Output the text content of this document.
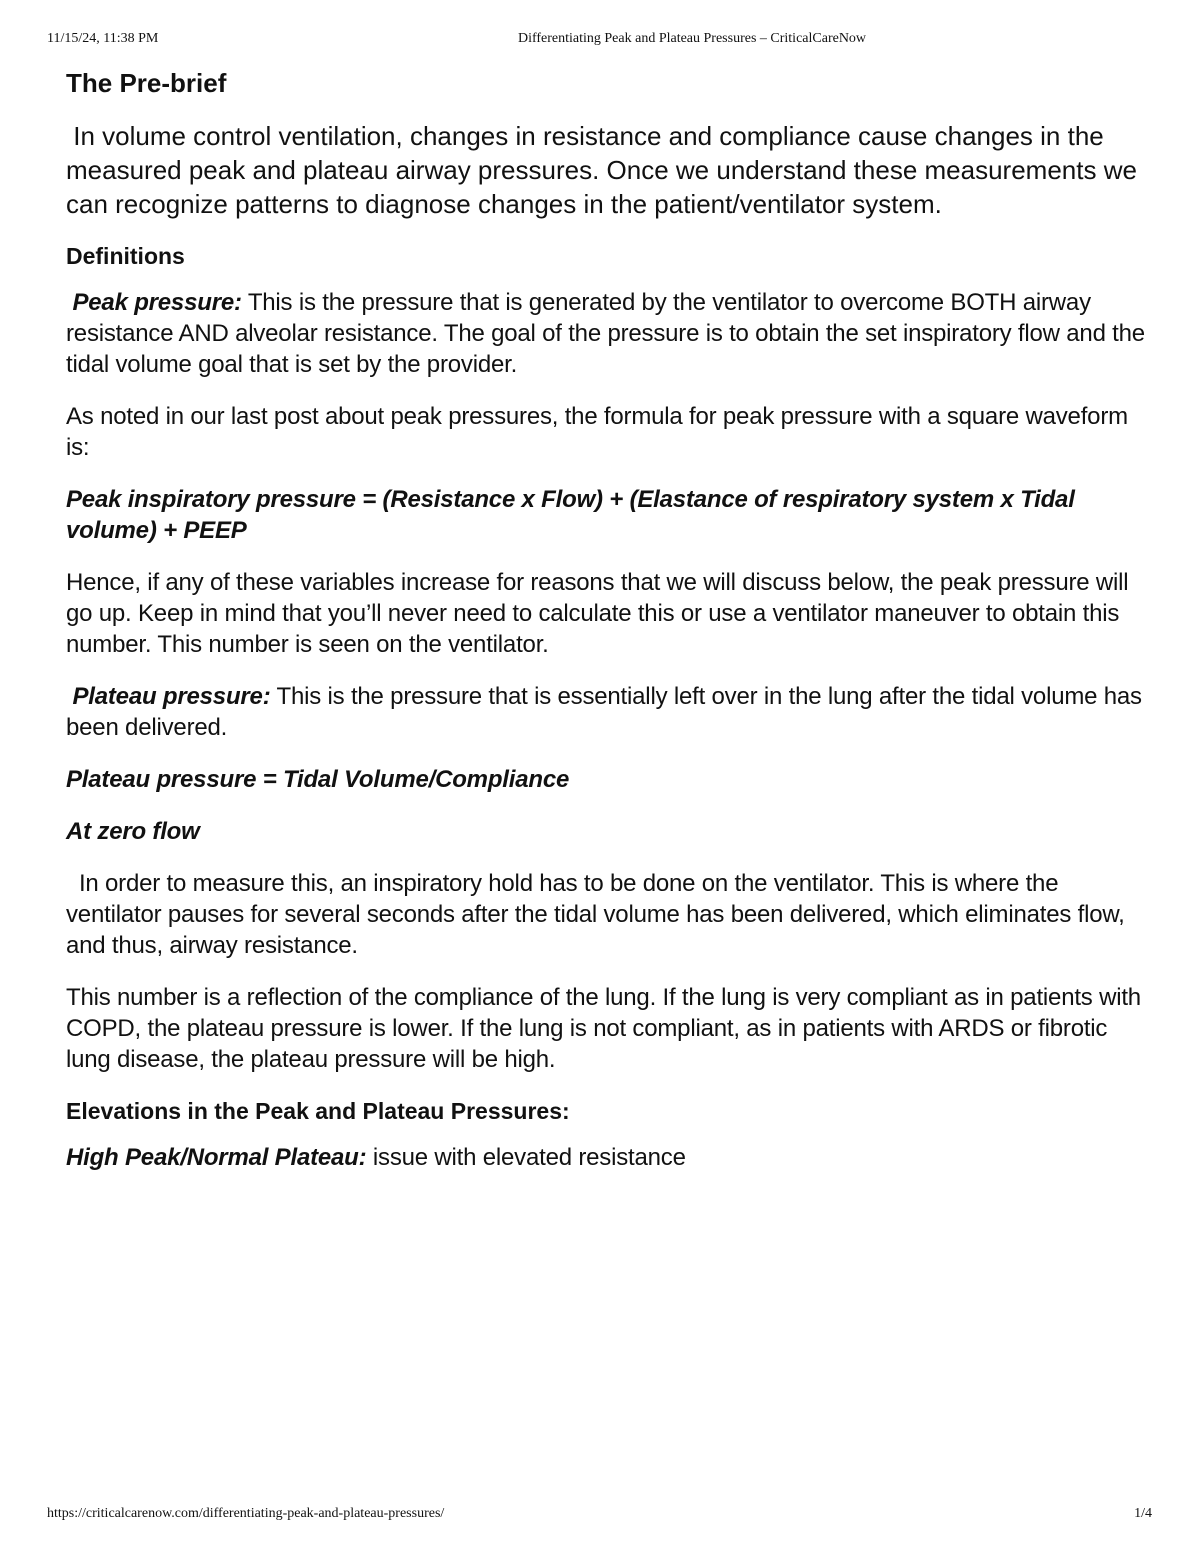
11/15/24, 11:38 PM	Differentiating Peak and Plateau Pressures – CriticalCareNow
The Pre-brief

In volume control ventilation, changes in resistance and compliance cause changes in the measured peak and plateau airway pressures. Once we understand these measurements we can recognize patterns to diagnose changes in the patient/ventilator system.

Definitions

Peak pressure: This is the pressure that is generated by the ventilator to overcome BOTH airway resistance AND alveolar resistance. The goal of the pressure is to obtain the set inspiratory flow and the tidal volume goal that is set by the provider.

As noted in our last post about peak pressures, the formula for peak pressure with a square waveform is:

Peak inspiratory pressure = (Resistance x Flow) + (Elastance of respiratory system x Tidal volume) + PEEP

Hence, if any of these variables increase for reasons that we will discuss below, the peak pressure will go up. Keep in mind that you’ll never need to calculate this or use a ventilator maneuver to obtain this number. This number is seen on the ventilator.

Plateau pressure: This is the pressure that is essentially left over in the lung after the tidal volume has been delivered.

Plateau pressure = Tidal Volume/Compliance

At zero flow

In order to measure this, an inspiratory hold has to be done on the ventilator. This is where the ventilator pauses for several seconds after the tidal volume has been delivered, which eliminates flow, and thus, airway resistance.

This number is a reflection of the compliance of the lung. If the lung is very compliant as in patients with COPD, the plateau pressure is lower. If the lung is not compliant, as in patients with ARDS or fibrotic lung disease, the plateau pressure will be high.

Elevations in the Peak and Plateau Pressures:

High Peak/Normal Plateau: issue with elevated resistance

https://criticalcarenow.com/differentiating-peak-and-plateau-pressures/	1/4
